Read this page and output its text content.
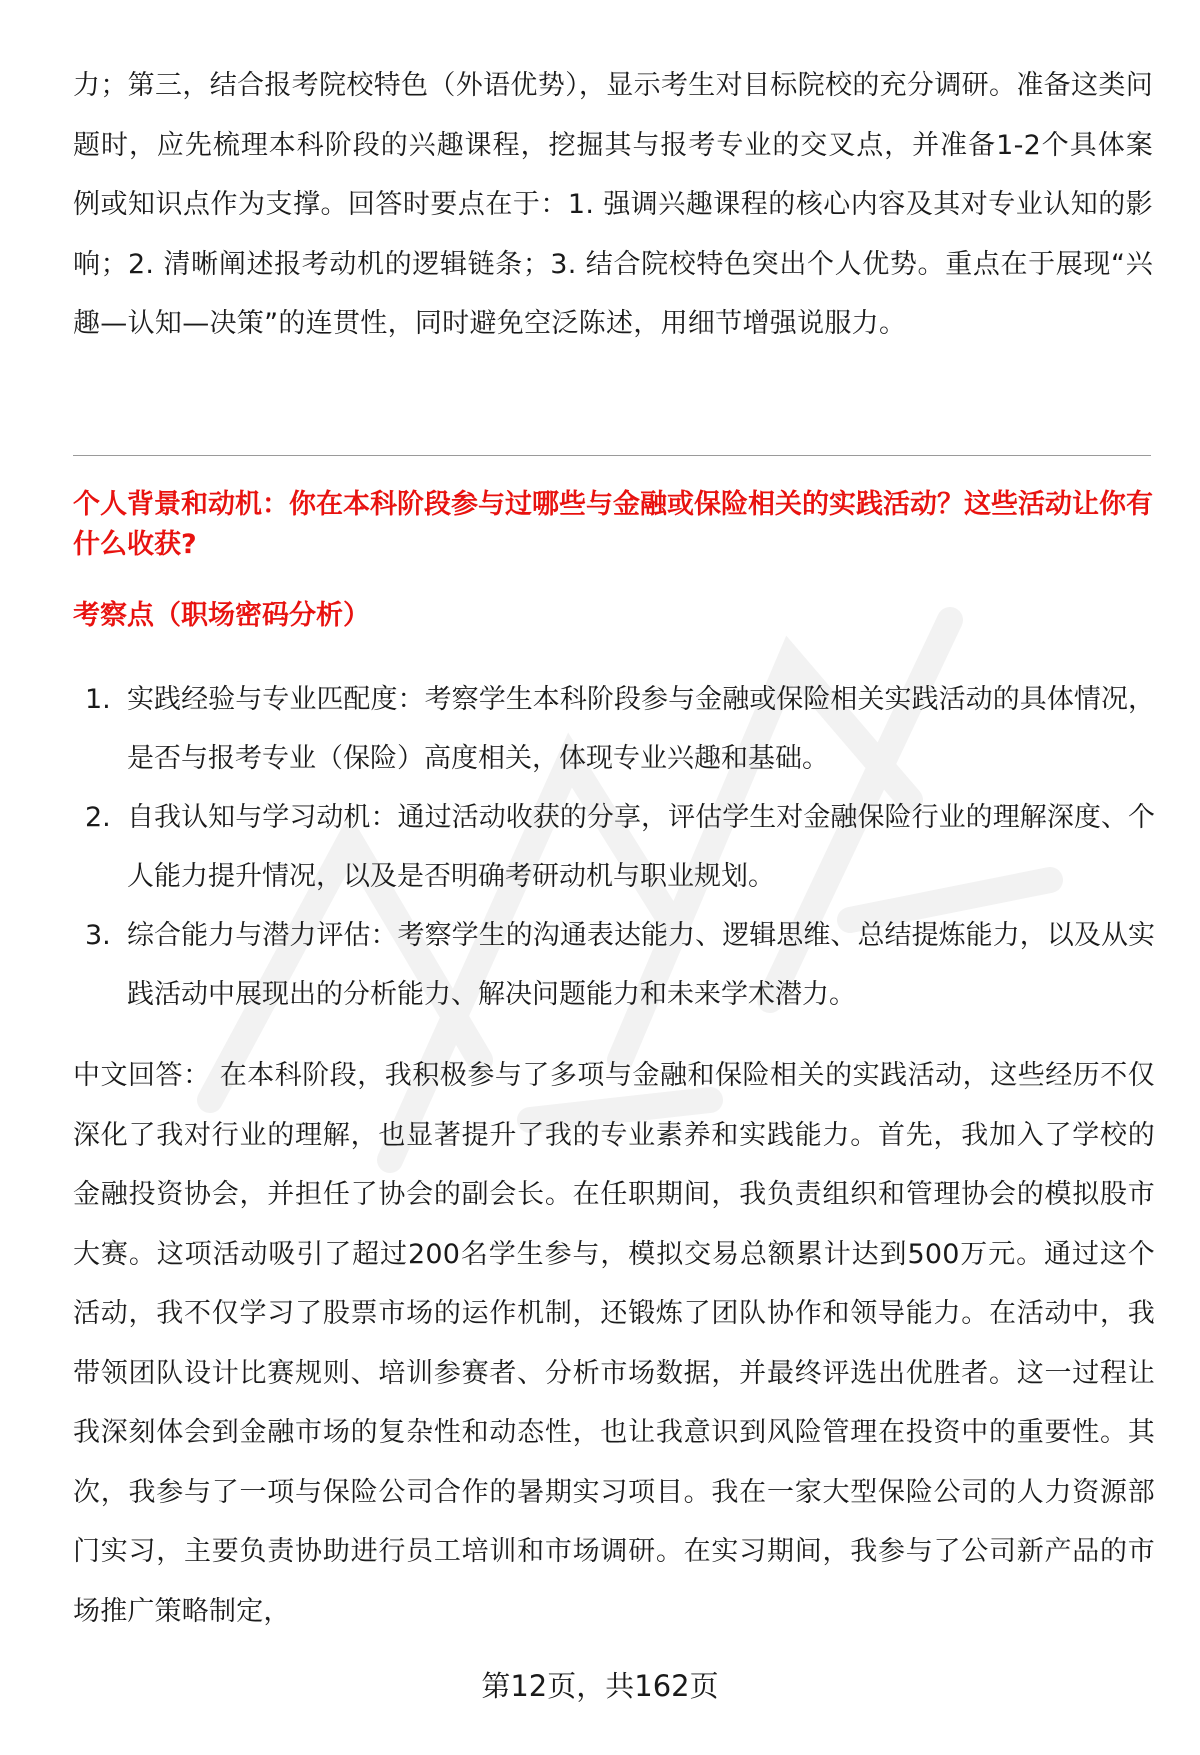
力；第三，结合报考院校特色（外语优势），显示考生对目标院校的充分调研。准备这类问题时，应先梳理本科阶段的兴趣课程，挖掘其与报考专业的交叉点，并准备1-2个具体案例或知识点作为支撑。回答时要点在于：1. 强调兴趣课程的核心内容及其对专业认知的影响；2. 清晰阐述报考动机的逻辑链条；3. 结合院校特色突出个人优势。重点在于展现“兴趣—认知—决策”的连贯性，同时避免空泛陈述，用细节增强说服力。

个人背景和动机：你在本科阶段参与过哪些与金融或保险相关的实践活动？这些活动让你有什么收获?

考察点（职场密码分析）

1. 实践经验与专业匹配度：考察学生本科阶段参与金融或保险相关实践活动的具体情况，是否与报考专业（保险）高度相关，体现专业兴趣和基础。
2. 自我认知与学习动机：通过活动收获的分享，评估学生对金融保险行业的理解深度、个人能力提升情况，以及是否明确考研动机与职业规划。
3. 综合能力与潜力评估：考察学生的沟通表达能力、逻辑思维、总结提炼能力，以及从实践活动中展现出的分析能力、解决问题能力和未来学术潜力。

中文回答： 在本科阶段，我积极参与了多项与金融和保险相关的实践活动，这些经历不仅深化了我对行业的理解，也显著提升了我的专业素养和实践能力。首先，我加入了学校的金融投资协会，并担任了协会的副会长。在任职期间，我负责组织和管理协会的模拟股市大赛。这项活动吸引了超过200名学生参与，模拟交易总额累计达到500万元。通过这个活动，我不仅学习了股票市场的运作机制，还锻炼了团队协作和领导能力。在活动中，我带领团队设计比赛规则、培训参赛者、分析市场数据，并最终评选出优胜者。这一过程让我深刻体会到金融市场的复杂性和动态性，也让我意识到风险管理在投资中的重要性。其次，我参与了一项与保险公司合作的暑期实习项目。我在一家大型保险公司的人力资源部门实习，主要负责协助进行员工培训和市场调研。在实习期间，我参与了公司新产品的市场推广策略制定，

第12页，共162页
